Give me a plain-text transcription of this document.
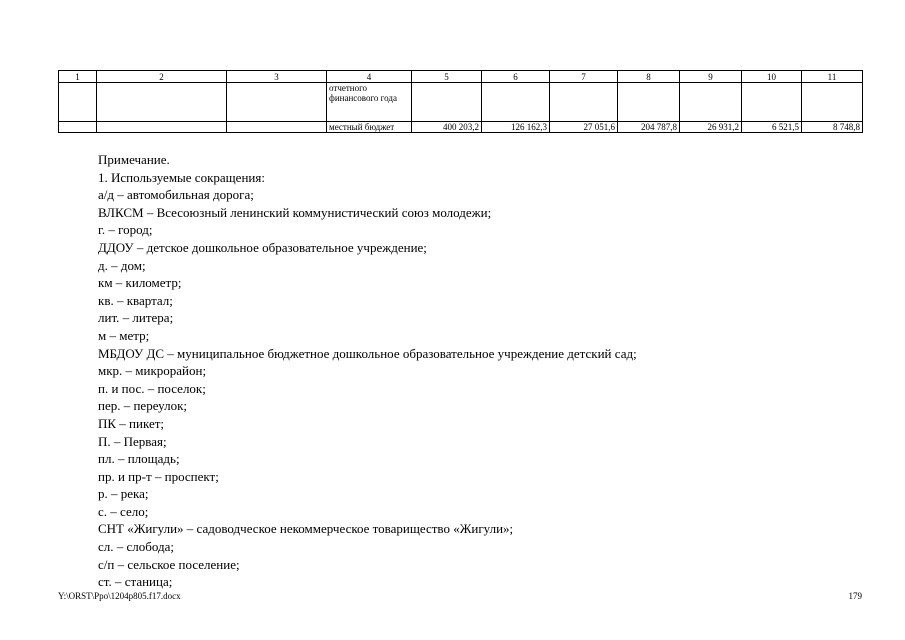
1	2	3	4	5	6	7	8	9	10	11
			отчетного финансового года							
			местный бюджет	400 203,2	126 162,3	27 051,6	204 787,8	26 931,2	6 521,5	8 748,8
Примечание.
1. Используемые сокращения:
а/д – автомобильная дорога;
ВЛКСМ – Всесоюзный ленинский коммунистический союз молодежи;
г. – город;
ДДОУ – детское дошкольное образовательное учреждение;
д. – дом;
км – километр;
кв. – квартал;
лит. – литера;
м – метр;
МБДОУ ДС – муниципальное бюджетное дошкольное образовательное учреждение детский сад;
мкр. – микрорайон;
п. и пос. – поселок;
пер. – переулок;
ПК – пикет;
П. – Первая;
пл. – площадь;
пр. и пр-т – проспект;
р. – река;
с. – село;
СНТ «Жигули» – садоводческое некоммерческое товарищество «Жигули»;
сл. – слобода;
с/п – сельское поселение;
ст. – станица;
Y:\ORST\Ppo\1204p805.f17.docx	179
